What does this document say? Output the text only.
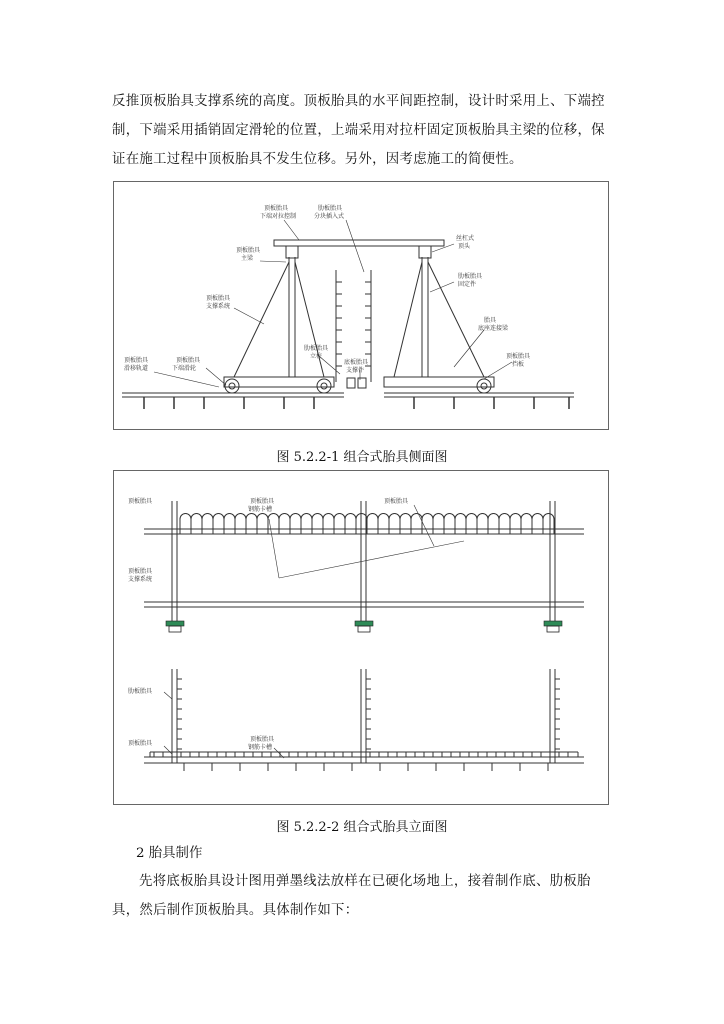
反推顶板胎具支撑系统的高度。顶板胎具的水平间距控制，设计时采用上、下端控制，下端采用插销固定滑轮的位置，上端采用对拉杆固定顶板胎具主梁的位移，保证在施工过程中顶板胎具不发生位移。另外，因考虑施工的简便性。

顶板胎具
下端对拉控制
肋板胎具
分块插入式
顶板胎具
主梁
丝杠式
顶头
顶板胎具
支撑系统
肋板胎具
固定件
胎具
底座连接梁
顶板胎具
滑移轨道
顶板胎具
下端滑轮
肋板胎具
立柱
底板胎具
支撑件
顶板胎具
挡板
图 5.2.2-1 组合式胎具侧面图
顶板胎具	顶板胎具
钢筋卡槽
顶板胎具
顶板胎具
支撑系统
肋板胎具
顶板胎具
顶板胎具
钢筋卡槽
图 5.2.2-2 组合式胎具立面图
2 胎具制作

先将底板胎具设计图用弹墨线法放样在已硬化场地上，接着制作底、肋板胎具，然后制作顶板胎具。具体制作如下：
